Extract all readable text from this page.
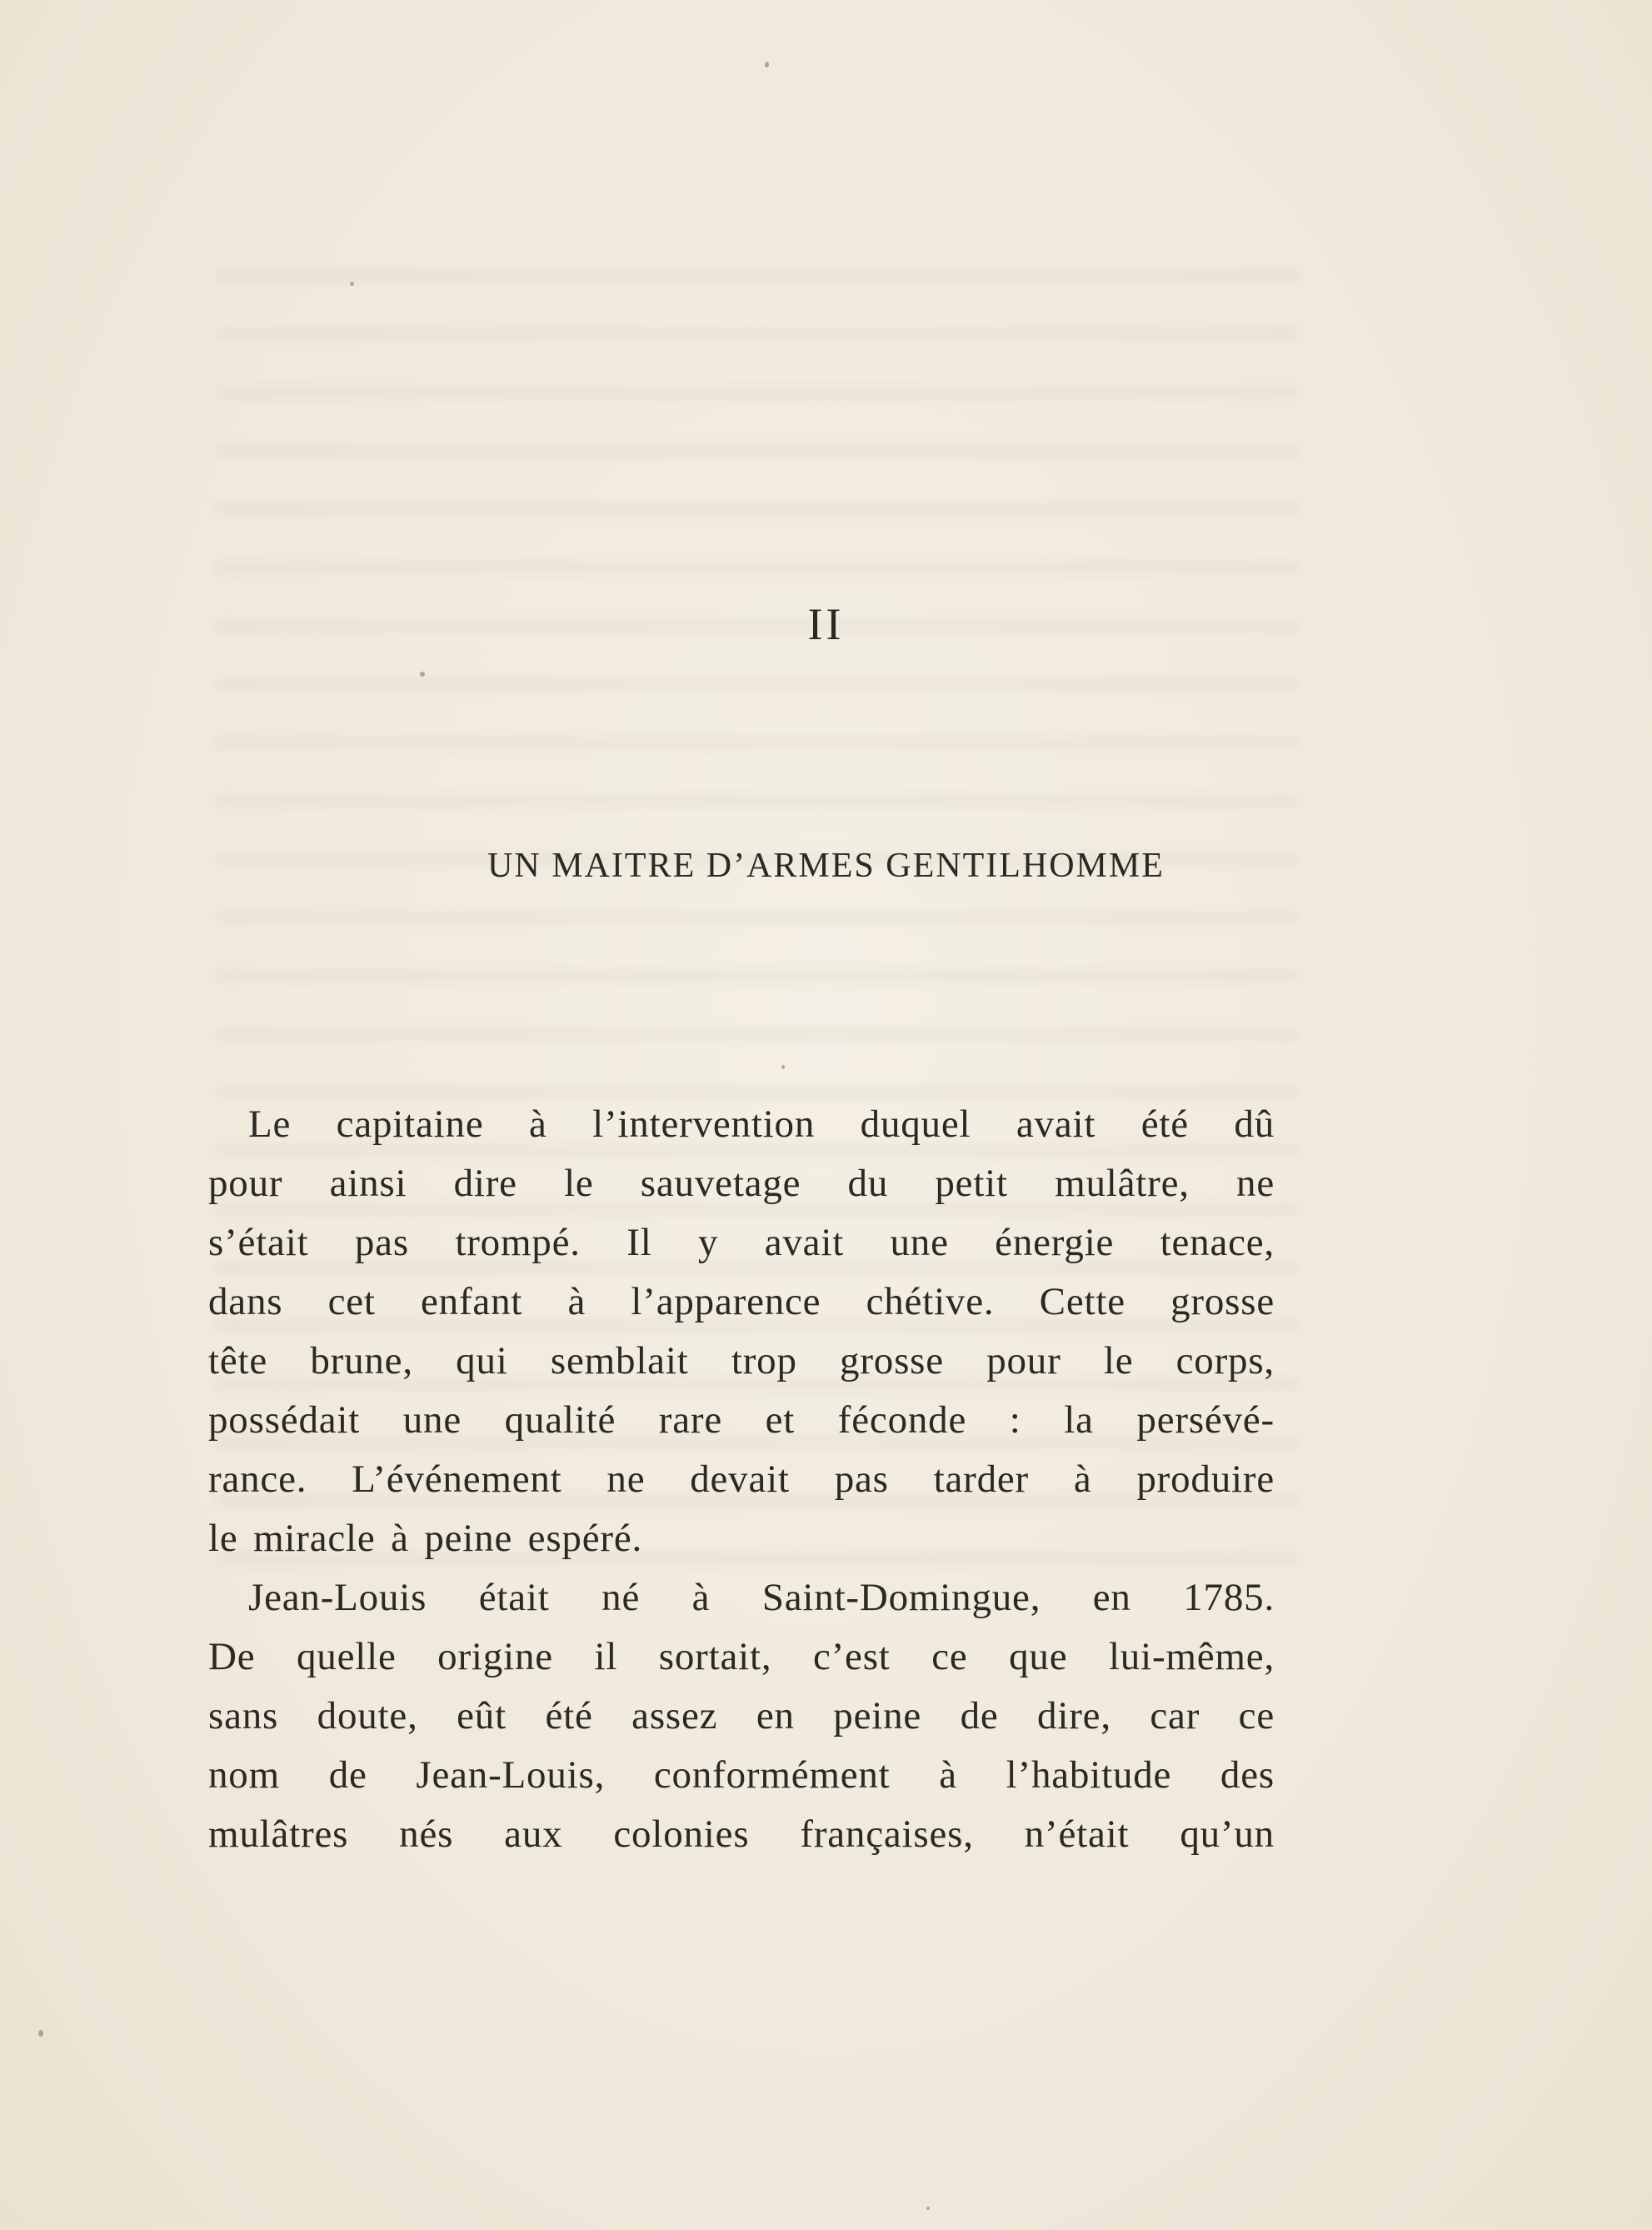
II
UN MAITRE D’ARMES GENTILHOMME
Le capitaine à l’intervention duquel avait été dû
pour ainsi dire le sauvetage du petit mulâtre, ne
s’était pas trompé. Il y avait une énergie tenace,
dans cet enfant à l’apparence chétive. Cette grosse
tête brune, qui semblait trop grosse pour le corps,
possédait une qualité rare et féconde : la persévé-
rance. L’événement ne devait pas tarder à produire
le miracle à peine espéré.
Jean-Louis était né à Saint-Domingue, en 1785.
De quelle origine il sortait, c’est ce que lui-même,
sans doute, eût été assez en peine de dire, car ce
nom de Jean-Louis, conformément à l’habitude des
mulâtres nés aux colonies françaises, n’était qu’un
